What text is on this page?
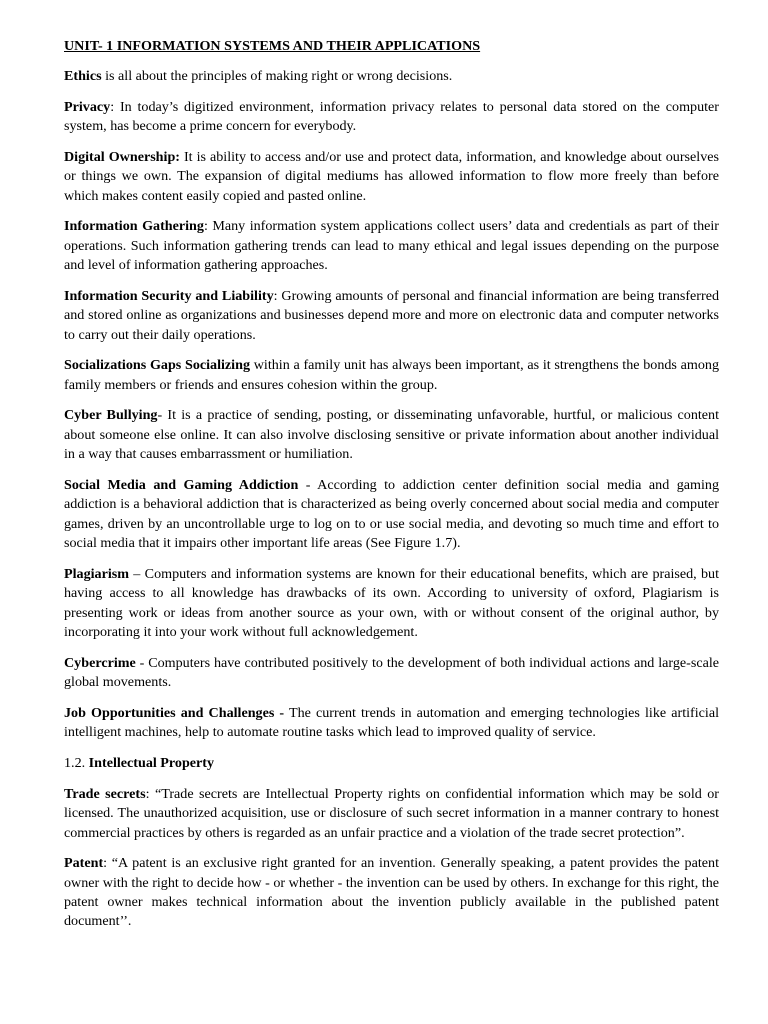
UNIT- 1 INFORMATION SYSTEMS AND THEIR APPLICATIONS

Ethics is all about the principles of making right or wrong decisions.

Privacy: In today’s digitized environment, information privacy relates to personal data stored on the computer system, has become a prime concern for everybody.

Digital Ownership: It is ability to access and/or use and protect data, information, and knowledge about ourselves or things we own. The expansion of digital mediums has allowed information to flow more freely than before which makes content easily copied and pasted online.

Information Gathering: Many information system applications collect users’ data and credentials as part of their operations. Such information gathering trends can lead to many ethical and legal issues depending on the purpose and level of information gathering approaches.

Information Security and Liability: Growing amounts of personal and financial information are being transferred and stored online as organizations and businesses depend more and more on electronic data and computer networks to carry out their daily operations.

Socializations Gaps Socializing within a family unit has always been important, as it strengthens the bonds among family members or friends and ensures cohesion within the group.

Cyber Bullying- It is a practice of sending, posting, or disseminating unfavorable, hurtful, or malicious content about someone else online. It can also involve disclosing sensitive or private information about another individual in a way that causes embarrassment or humiliation.

Social Media and Gaming Addiction - According to addiction center definition social media and gaming addiction is a behavioral addiction that is characterized as being overly concerned about social media and computer games, driven by an uncontrollable urge to log on to or use social media, and devoting so much time and effort to social media that it impairs other important life areas (See Figure 1.7).

Plagiarism – Computers and information systems are known for their educational benefits, which are praised, but having access to all knowledge has drawbacks of its own. According to university of oxford, Plagiarism is presenting work or ideas from another source as your own, with or without consent of the original author, by incorporating it into your work without full acknowledgement.

Cybercrime - Computers have contributed positively to the development of both individual actions and large-scale global movements.

Job Opportunities and Challenges - The current trends in automation and emerging technologies like artificial intelligent machines, help to automate routine tasks which lead to improved quality of service.

1.2. Intellectual Property

Trade secrets: “Trade secrets are Intellectual Property rights on confidential information which may be sold or licensed. The unauthorized acquisition, use or disclosure of such secret information in a manner contrary to honest commercial practices by others is regarded as an unfair practice and a violation of the trade secret protection”.

Patent: “A patent is an exclusive right granted for an invention. Generally speaking, a patent provides the patent owner with the right to decide how - or whether - the invention can be used by others. In exchange for this right, the patent owner makes technical information about the invention publicly available in the published patent document’’.
